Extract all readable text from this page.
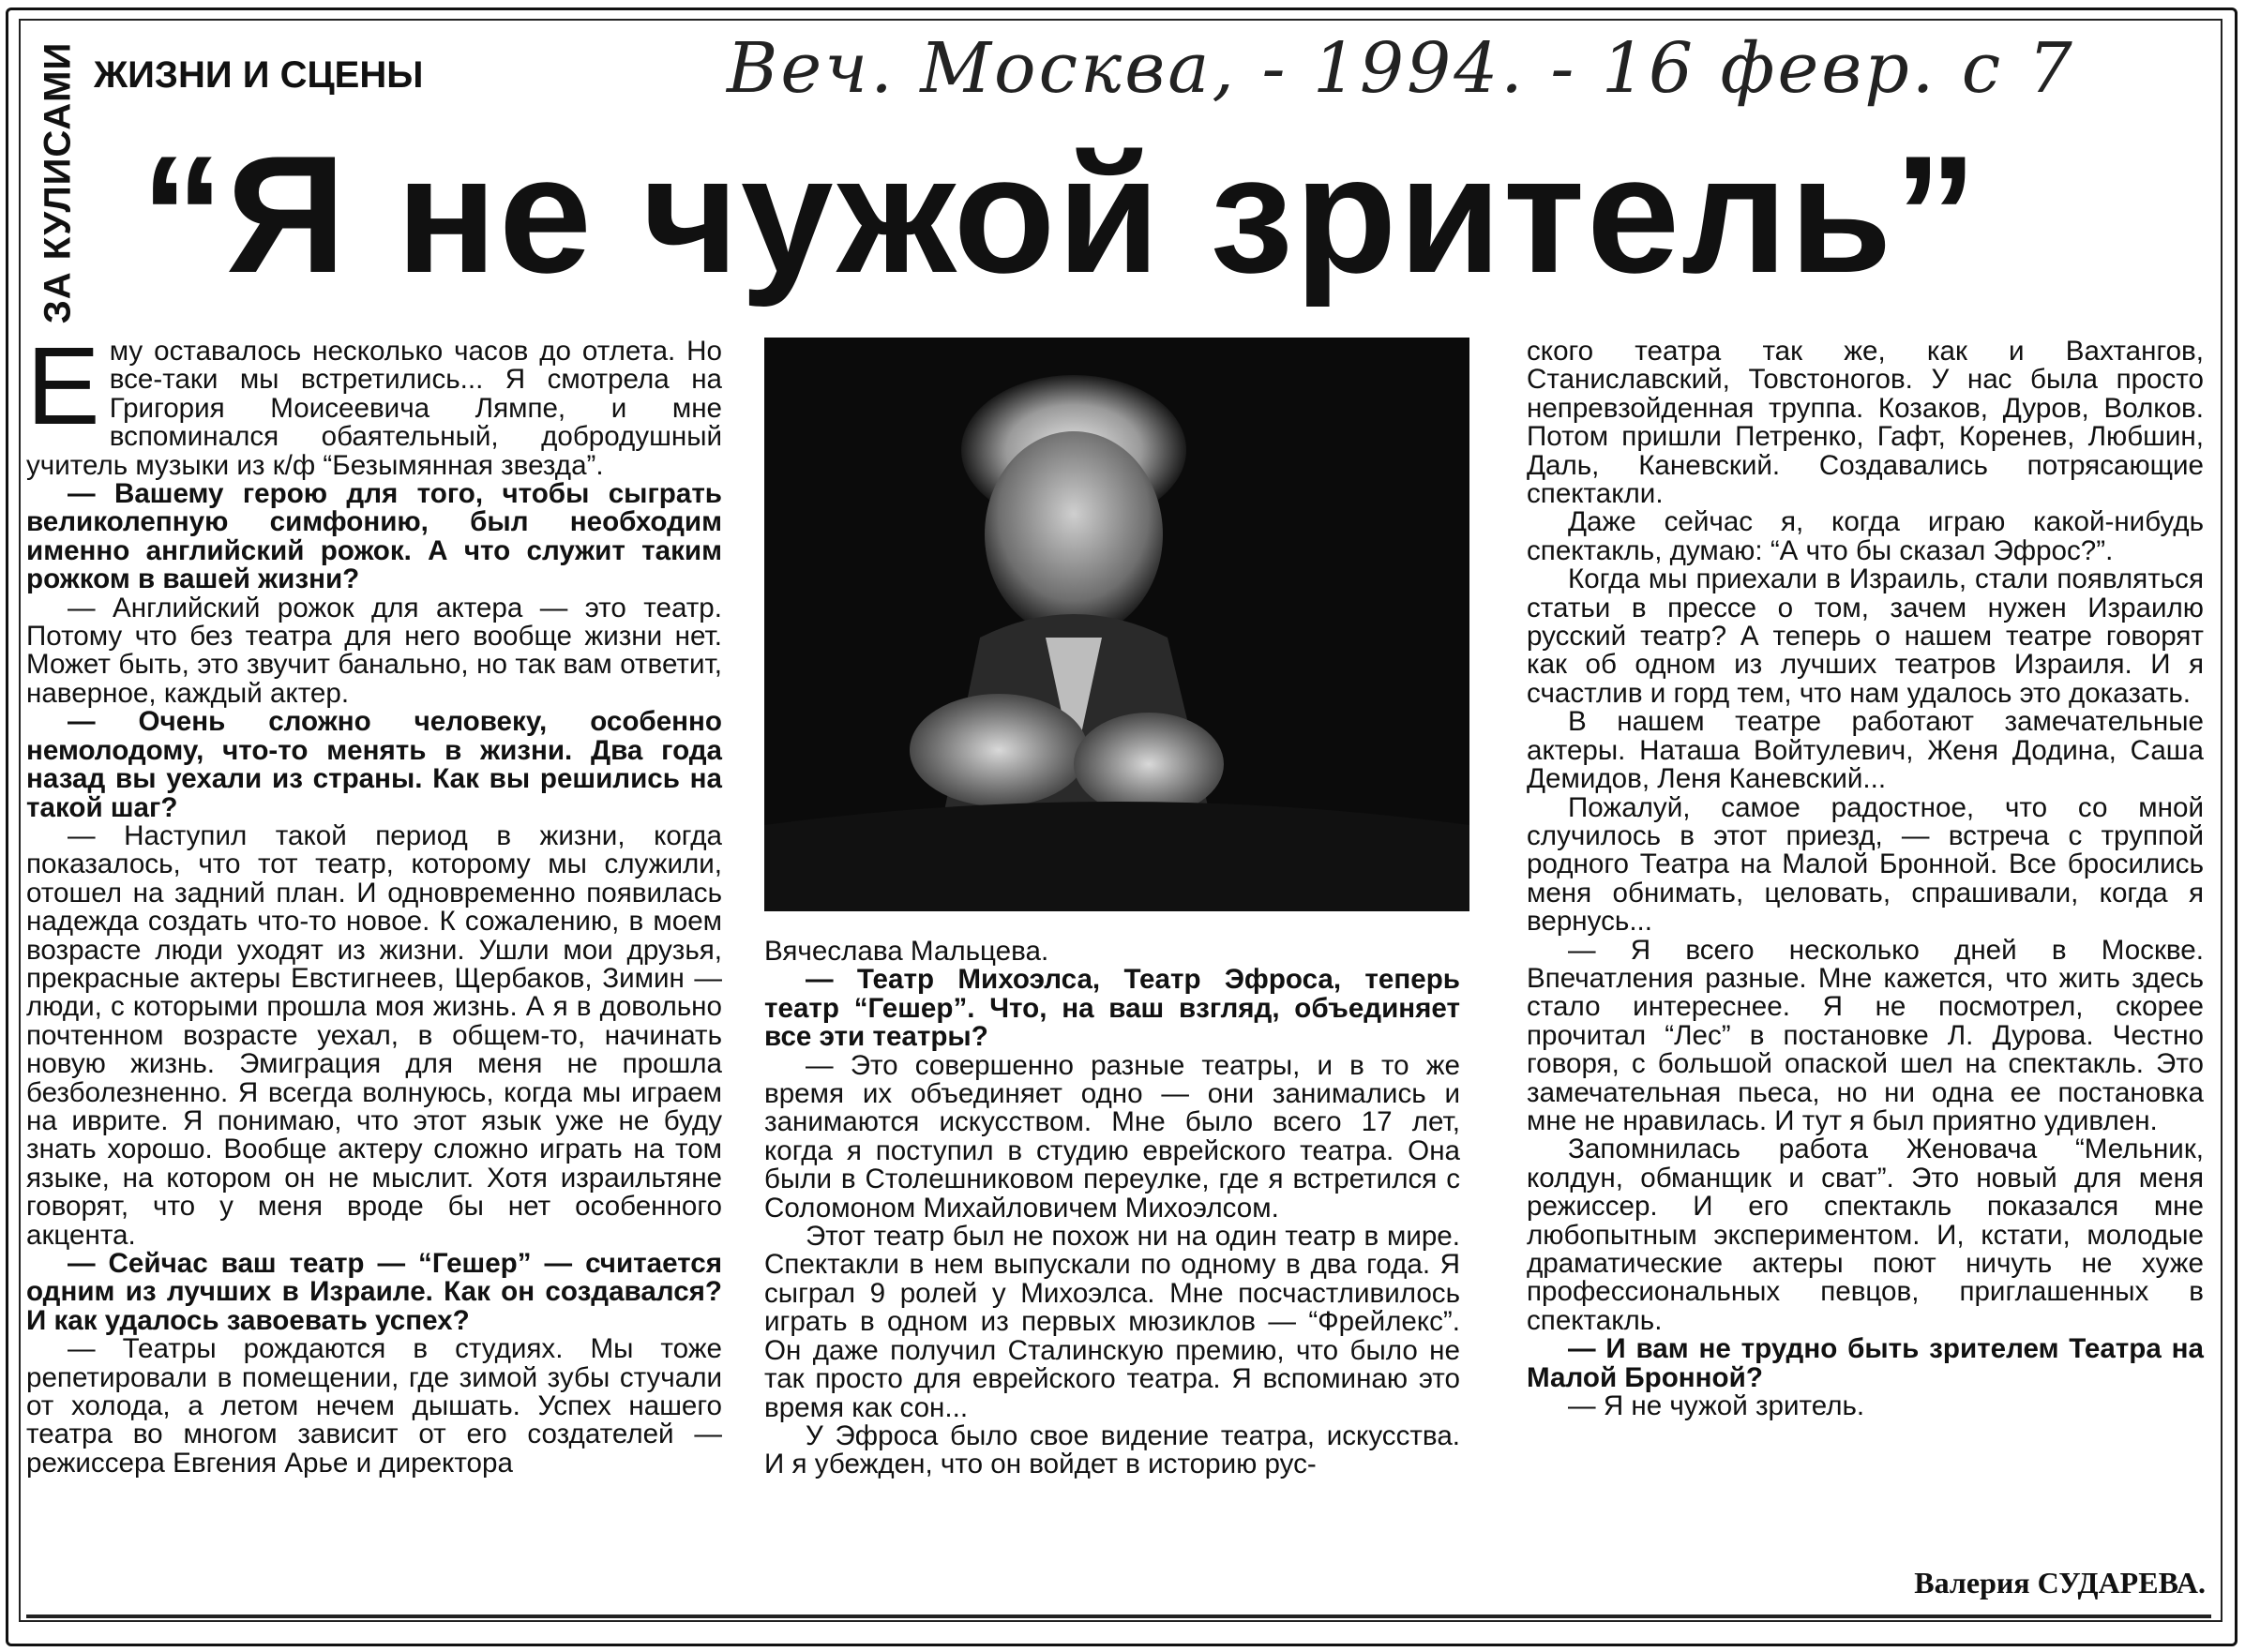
ЗА КУЛИСАМИ ЖИЗНИ И СЦЕНЫ	Веч. Москва, - 1994. - 16 февр. с 7
“Я не чужой зритель”

Ему оставалось несколько часов до отлета. Но все-таки мы встретились... Я смотрела на Григория Моисеевича Лямпе, и мне вспоминался обаятельный, добродушный учитель музыки из к/ф “Безымянная звезда”.

— Вашему герою для того, чтобы сыграть великолепную симфонию, был необходим именно английский рожок. А что служит таким рожком в вашей жизни?

— Английский рожок для актера — это театр. Потому что без театра для него вообще жизни нет. Может быть, это звучит банально, но так вам ответит, наверное, каждый актер.

— Очень сложно человеку, особенно немолодому, что-то менять в жизни. Два года назад вы уехали из страны. Как вы решились на такой шаг?

— Наступил такой период в жизни, когда показалось, что тот театр, которому мы служили, отошел на задний план. И одновременно появилась надежда создать что-то новое. К сожалению, в моем возрасте люди уходят из жизни. Ушли мои друзья, прекрасные актеры Евстигнеев, Щербаков, Зимин — люди, с которыми прошла моя жизнь. А я в довольно почтенном возрасте уехал, в общем-то, начинать новую жизнь. Эмиграция для меня не прошла безболезненно. Я всегда волнуюсь, когда мы играем на иврите. Я понимаю, что этот язык уже не буду знать хорошо. Вообще актеру сложно играть на том языке, на котором он не мыслит. Хотя израильтяне говорят, что у меня вроде бы нет особенного акцента.

— Сейчас ваш театр — “Гешер” — считается одним из лучших в Израиле. Как он создавался? И как удалось завоевать успех?

— Театры рождаются в студиях. Мы тоже репетировали в помещении, где зимой зубы стучали от холода, а летом нечем дышать. Успех нашего театра во многом зависит от его создателей — режиссера Евгения Арье и директора

Вячеслава Мальцева.

— Театр Михоэлса, Театр Эфроса, теперь театр “Гешер”. Что, на ваш взгляд, объединяет все эти театры?

— Это совершенно разные театры, и в то же время их объединяет одно — они занимались и занимаются искусством. Мне было всего 17 лет, когда я поступил в студию еврейского театра. Она были в Столешниковом переулке, где я встретился с Соломоном Михайловичем Михоэлсом.

Этот театр был не похож ни на один театр в мире. Спектакли в нем выпускали по одному в два года. Я сыграл 9 ролей у Михоэлса. Мне посчастливилось играть в одном из первых мюзиклов — “Фрейлекс”. Он даже получил Сталинскую премию, что было не так просто для еврейского театра. Я вспоминаю это время как сон...

У Эфроса было свое видение театра, искусства. И я убежден, что он войдет в историю рус-

ского театра так же, как и Вахтангов, Станиславский, Товстоногов. У нас была просто непревзойденная труппа. Козаков, Дуров, Волков. Потом пришли Петренко, Гафт, Коренев, Любшин, Даль, Каневский. Создавались потрясающие спектакли.

Даже сейчас я, когда играю какой-нибудь спектакль, думаю: “А что бы сказал Эфрос?”.

Когда мы приехали в Израиль, стали появляться статьи в прессе о том, зачем нужен Израилю русский театр? А теперь о нашем театре говорят как об одном из лучших театров Израиля. И я счастлив и горд тем, что нам удалось это доказать.

В нашем театре работают замечательные актеры. Наташа Войтулевич, Женя Додина, Саша Демидов, Леня Каневский...

Пожалуй, самое радостное, что со мной случилось в этот приезд, — встреча с труппой родного Театра на Малой Бронной. Все бросились меня обнимать, целовать, спрашивали, когда я вернусь...

— Я всего несколько дней в Москве. Впечатления разные. Мне кажется, что жить здесь стало интереснее. Я не посмотрел, скорее прочитал “Лес” в постановке Л. Дурова. Честно говоря, с большой опаской шел на спектакль. Это замечательная пьеса, но ни одна ее постановка мне не нравилась. И тут я был приятно удивлен.

Запомнилась работа Женовача “Мельник, колдун, обманщик и сват”. Это новый для меня режиссер. И его спектакль показался мне любопытным экспериментом. И, кстати, молодые драматические актеры поют ничуть не хуже профессиональных певцов, приглашенных в спектакль.

— И вам не трудно быть зрителем Театра на Малой Бронной?

— Я не чужой зритель.

Валерия СУДАРЕВА.
